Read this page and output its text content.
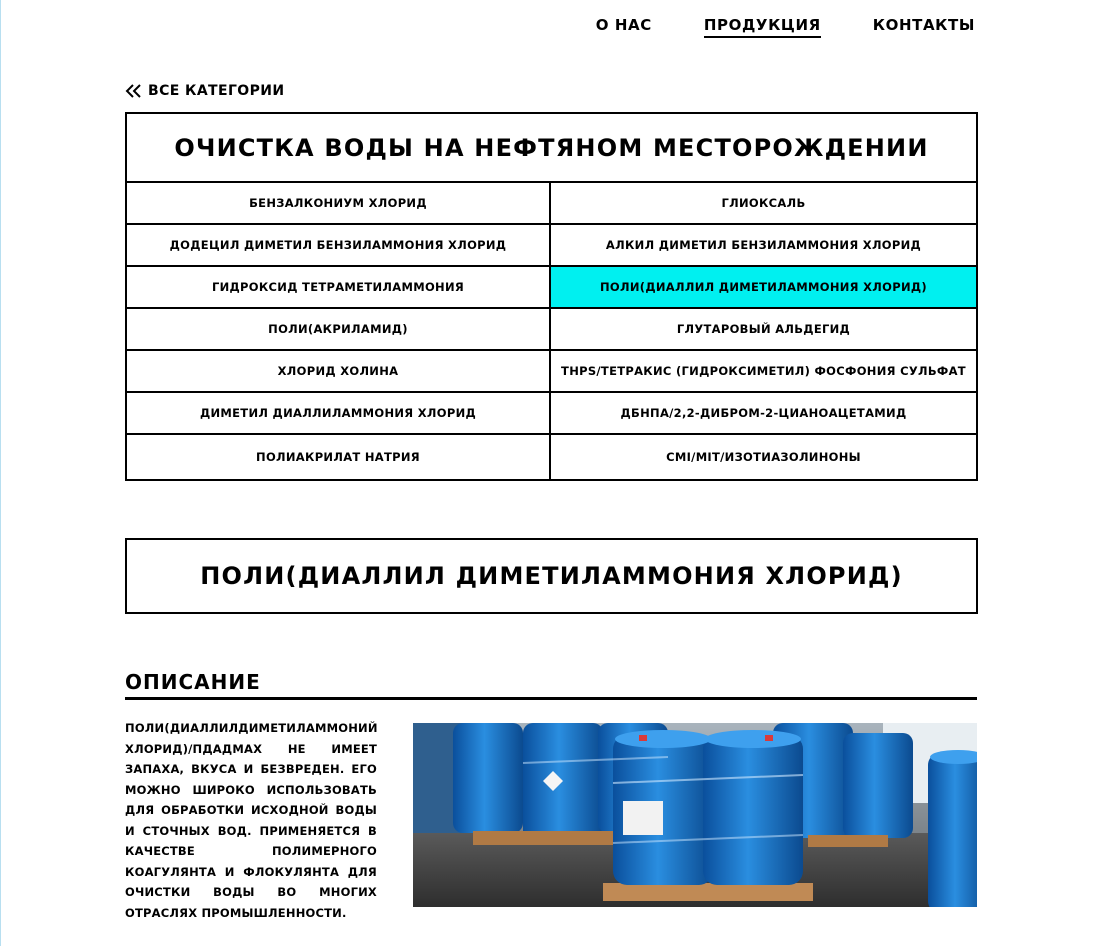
О НАС	ПРОДУКЦИЯ	КОНТАКТЫ
ВСЕ КАТЕГОРИИ
ОЧИСТКА ВОДЫ НА НЕФТЯНОМ МЕСТОРОЖДЕНИИ
БЕНЗАЛКОНИУМ ХЛОРИД	ГЛИОКСАЛЬ
ДОДЕЦИЛ ДИМЕТИЛ БЕНЗИЛАММОНИЯ ХЛОРИД	АЛКИЛ ДИМЕТИЛ БЕНЗИЛАММОНИЯ ХЛОРИД
ГИДРОКСИД ТЕТРАМЕТИЛАММОНИЯ	ПОЛИ(ДИАЛЛИЛ ДИМЕТИЛАММОНИЯ ХЛОРИД)
ПОЛИ(АКРИЛАМИД)	ГЛУТАРОВЫЙ АЛЬДЕГИД
ХЛОРИД ХОЛИНА	THPS/ТЕТРАКИС (ГИДРОКСИМЕТИЛ) ФОСФОНИЯ СУЛЬФАТ
ДИМЕТИЛ ДИАЛЛИЛАММОНИЯ ХЛОРИД	ДБНПА/2,2-ДИБРОМ-2-ЦИАНОАЦЕТАМИД
ПОЛИАКРИЛАТ НАТРИЯ	CMI/MIT/ИЗОТИАЗОЛИНОНЫ
ПОЛИ(ДИАЛЛИЛ ДИМЕТИЛАММОНИЯ ХЛОРИД)
ОПИСАНИЕ
ПОЛИ(ДИАЛЛИЛДИМЕТИЛАММОНИЙ ХЛОРИД)/ПДАДМАХ НЕ ИМЕЕТ ЗАПАХА, ВКУСА И БЕЗВРЕДЕН. ЕГО МОЖНО ШИРОКО ИСПОЛЬЗОВАТЬ ДЛЯ ОБРАБОТКИ ИСХОДНОЙ ВОДЫ И СТОЧНЫХ ВОД. ПРИМЕНЯЕТСЯ В КАЧЕСТВЕ ПОЛИМЕРНОГО КОАГУЛЯНТА И ФЛОКУЛЯНТА ДЛЯ ОЧИСТКИ ВОДЫ ВО МНОГИХ ОТРАСЛЯХ ПРОМЫШЛЕННОСТИ.
